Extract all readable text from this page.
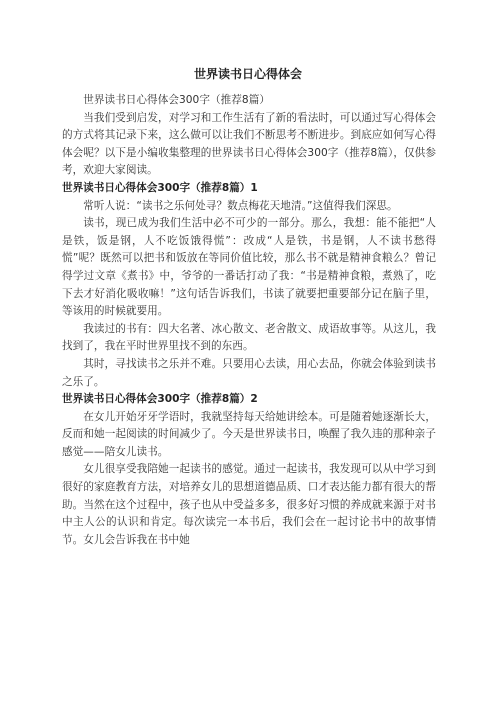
世界读书日心得体会

世界读书日心得体会300字（推荐8篇）

当我们受到启发，对学习和工作生活有了新的看法时，可以通过写心得体会的方式将其记录下来，这么做可以让我们不断思考不断进步。到底应如何写心得体会呢？以下是小编收集整理的世界读书日心得体会300字（推荐8篇），仅供参考，欢迎大家阅读。

世界读书日心得体会300字（推荐8篇）1

常听人说：“读书之乐何处寻？数点梅花天地清。”这值得我们深思。

读书，现已成为我们生活中必不可少的一部分。那么，我想：能不能把“人是铁，饭是钢，人不吃饭饿得慌”：改成“人是铁，书是钢，人不读书愁得慌”呢？既然可以把书和饭放在等同价值比较，那么书不就是精神食粮么？曾记得学过文章《煮书》中，爷爷的一番话打动了我：“书是精神食粮，煮熟了，吃下去才好消化吸收嘛！”这句话告诉我们，书读了就要把重要部分记在脑子里，等该用的时候就要用。

我读过的书有：四大名著、冰心散文、老舍散文、成语故事等。从这儿，我找到了，我在平时世界里找不到的东西。

其时，寻找读书之乐并不难。只要用心去读，用心去品，你就会体验到读书之乐了。

世界读书日心得体会300字（推荐8篇）2

在女儿开始牙牙学语时，我就坚持每天给她讲绘本。可是随着她逐渐长大，反而和她一起阅读的时间减少了。今天是世界读书日，唤醒了我久违的那种亲子感觉——陪女儿读书。

女儿很享受我陪她一起读书的感觉。通过一起读书，我发现可以从中学习到很好的家庭教育方法，对培养女儿的思想道德品质、口才表达能力都有很大的帮助。当然在这个过程中，孩子也从中受益多多，很多好习惯的养成就来源于对书中主人公的认识和肯定。每次读完一本书后，我们会在一起讨论书中的故事情节。女儿会告诉我在书中她
